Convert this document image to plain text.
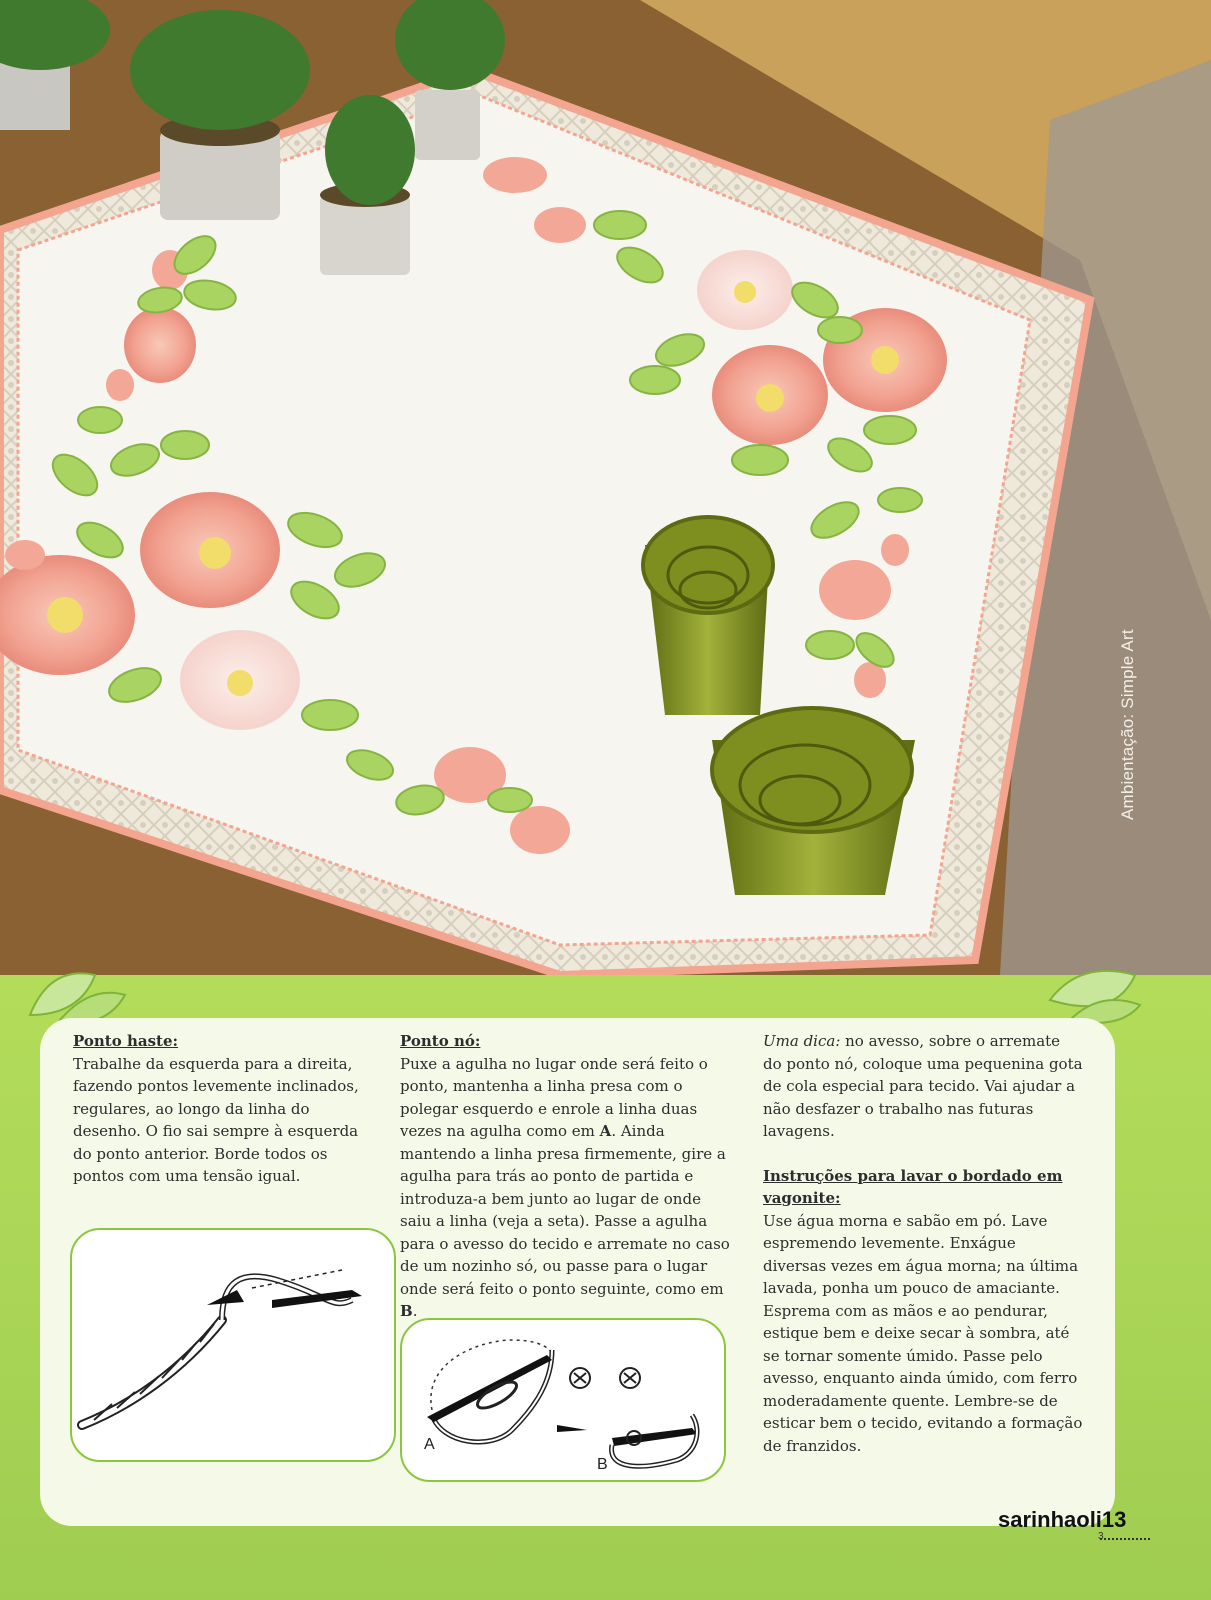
Ambientação: Simple Art
Ponto haste:

Trabalhe da esquerda para a direita, fazendo pontos levemente inclinados, regulares, ao longo da linha do desenho. O fio sai sempre à esquerda do ponto anterior. Borde todos os pontos com uma tensão igual.

Ponto nó:

Puxe a agulha no lugar onde será feito o ponto, mantenha a linha presa com o polegar esquerdo e enrole a linha duas vezes na agulha como em A. Ainda mantendo a linha presa firmemente, gire a agulha para trás ao ponto de partida e introduza-a bem junto ao lugar de onde saiu a linha (veja a seta). Passe a agulha para o avesso do tecido e arremate no caso de um nozinho só, ou passe para o lugar onde será feito o ponto seguinte, como em B.

A
B

Uma dica: no avesso, sobre o arremate do ponto nó, coloque uma pequenina gota de cola especial para tecido. Vai ajudar a não desfazer o trabalho nas futuras lavagens.

Instruções para lavar o bordado em vagonite:

Use água morna e sabão em pó. Lave espremendo levemente. Enxágue diversas vezes em água morna; na última lavada, ponha um pouco de amaciante. Esprema com as mãos e ao pendurar, estique bem e deixe secar à sombra, até se tornar somente úmido. Passe pelo avesso, enquanto ainda úmido, com ferro moderadamente quente. Lembre-se de esticar bem o tecido, evitando a formação de franzidos.

sarinhaoli13
3
